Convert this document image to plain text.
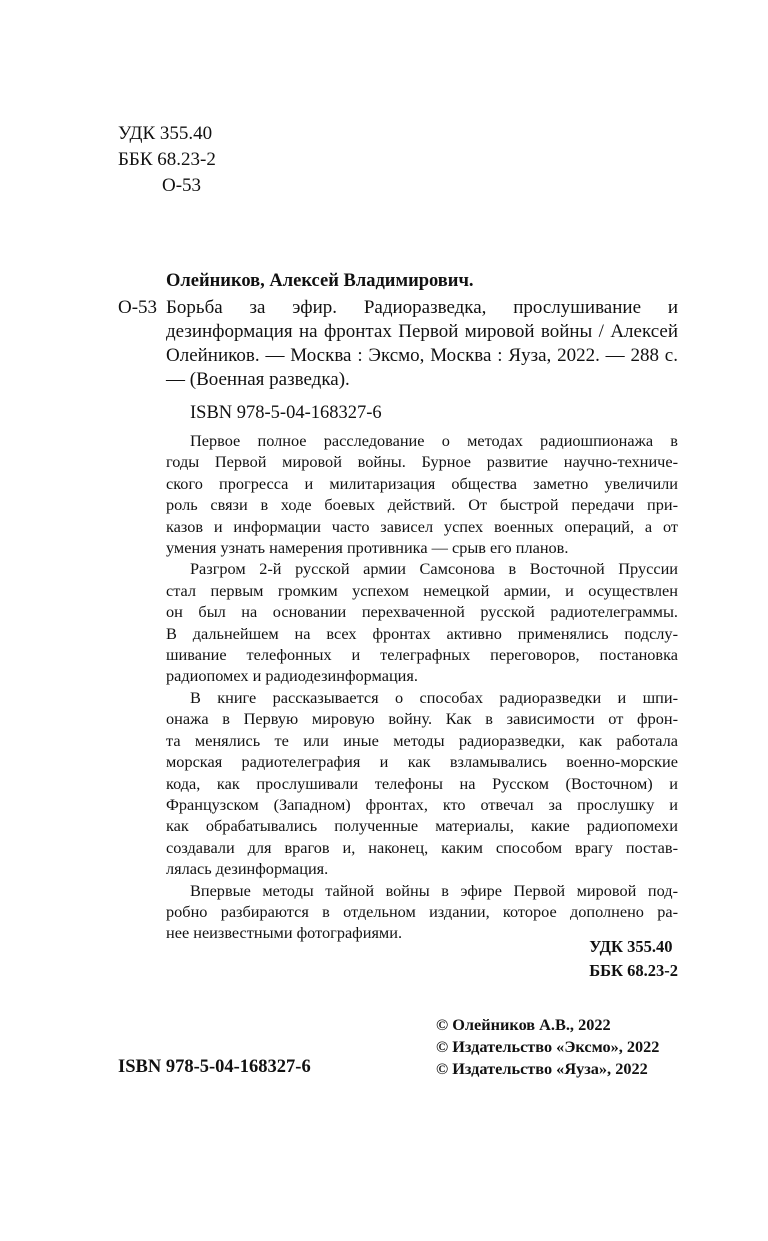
УДК 355.40
ББК 68.23-2
О-53
Олейников, Алексей Владимирович.
О-53 Борьба за эфир. Радиоразведка, прослушивание и дезинформация на фронтах Первой мировой войны / Алексей Олейников. — Москва : Эксмо, Москва : Яуза, 2022. — 288 с. — (Военная разведка).
ISBN 978-5-04-168327-6
Первое полное расследование о методах радиошпионажа в
годы Первой мировой войны. Бурное развитие научно-техниче-
ского прогресса и милитаризация общества заметно увеличили
роль связи в ходе боевых действий. От быстрой передачи при-
казов и информации часто зависел успех военных операций, а от
умения узнать намерения противника — срыв его планов.
Разгром 2-й русской армии Самсонова в Восточной Пруссии
стал первым громким успехом немецкой армии, и осуществлен
он был на основании перехваченной русской радиотелеграммы.
В дальнейшем на всех фронтах активно применялись подслу-
шивание телефонных и телеграфных переговоров, постановка
радиопомех и радиодезинформация.
В книге рассказывается о способах радиоразведки и шпи-
онажа в Первую мировую войну. Как в зависимости от фрон-
та менялись те или иные методы радиоразведки, как работала
морская радиотелеграфия и как взламывались военно-морские
кода, как прослушивали телефоны на Русском (Восточном) и
Французском (Западном) фронтах, кто отвечал за прослушку и
как обрабатывались полученные материалы, какие радиопомехи
создавали для врагов и, наконец, каким способом врагу постав-
лялась дезинформация.
Впервые методы тайной войны в эфире Первой мировой под-
робно разбираются в отдельном издании, которое дополнено ра-
нее неизвестными фотографиями.
УДК 355.40
ББК 68.23-2
© Олейников А.В., 2022
© Издательство «Эксмо», 2022
© Издательство «Яуза», 2022
ISBN 978-5-04-168327-6
